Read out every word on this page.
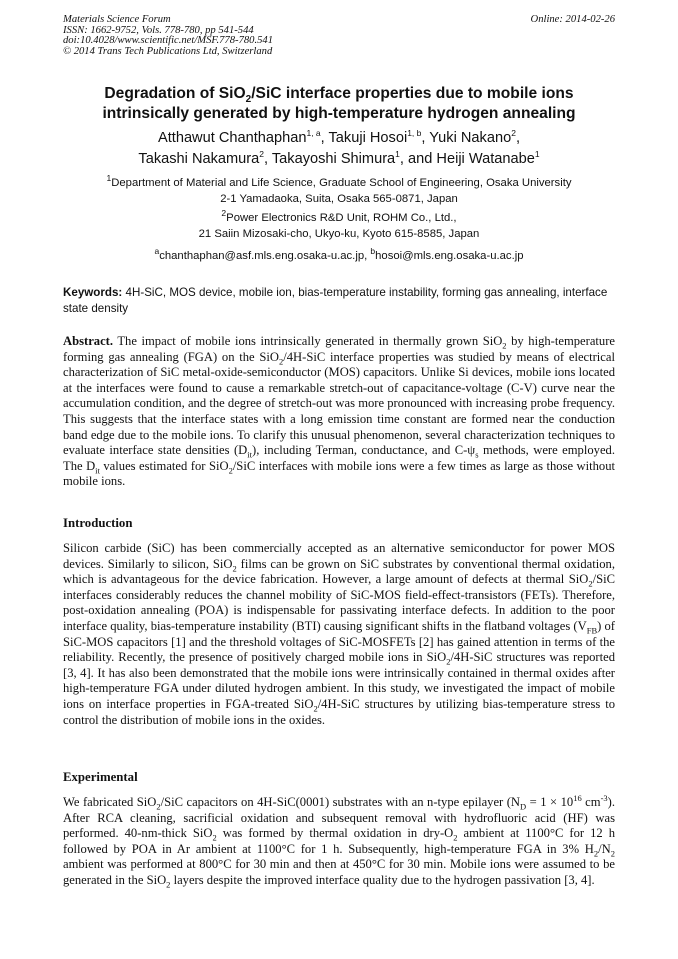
Materials Science Forum
ISSN: 1662-9752, Vols. 778-780, pp 541-544
doi:10.4028/www.scientific.net/MSF.778-780.541
© 2014 Trans Tech Publications Ltd, Switzerland
Online: 2014-02-26
Degradation of SiO$_2$/SiC interface properties due to mobile ions
intrinsically generated by high-temperature hydrogen annealing
Atthawut Chanthaphan$^{1, a}$, Takuji Hosoi$^{1, b}$, Yuki Nakano$^2$,
Takashi Nakamura$^2$, Takayoshi Shimura$^1$, and Heiji Watanabe$^1$
$^1$Department of Material and Life Science, Graduate School of Engineering, Osaka University
2-1 Yamadaoka, Suita, Osaka 565-0871, Japan
$^2$Power Electronics R&D Unit, ROHM Co., Ltd.,
21 Saiin Mizosaki-cho, Ukyo-ku, Kyoto 615-8585, Japan
$^a$chanthaphan@asf.mls.eng.osaka-u.ac.jp, $^b$hosoi@mls.eng.osaka-u.ac.jp
Keywords: 4H-SiC, MOS device, mobile ion, bias-temperature instability, forming gas annealing, interface state density
Abstract. The impact of mobile ions intrinsically generated in thermally grown SiO$_2$ by high-temperature forming gas annealing (FGA) on the SiO$_2$/4H-SiC interface properties was studied by means of electrical characterization of SiC metal-oxide-semiconductor (MOS) capacitors. Unlike Si devices, mobile ions located at the interfaces were found to cause a remarkable stretch-out of capacitance-voltage (C-V) curve near the accumulation condition, and the degree of stretch-out was more pronounced with increasing probe frequency. This suggests that the interface states with a long emission time constant are formed near the conduction band edge due to the mobile ions. To clarify this unusual phenomenon, several characterization techniques to evaluate interface state densities $(D_{it})$, including Terman, conductance, and $C-\psi_s$ methods, were employed. The $D_{it}$ values estimated for SiO$_2$/SiC interfaces with mobile ions were a few times as large as those without mobile ions.
Introduction
Silicon carbide (SiC) has been commercially accepted as an alternative semiconductor for power MOS devices. Similarly to silicon, SiO$_2$ films can be grown on SiC substrates by conventional thermal oxidation, which is advantageous for the device fabrication. However, a large amount of defects at thermal SiO$_2$/SiC interfaces considerably reduces the channel mobility of SiC-MOS field-effect-transistors (FETs). Therefore, post-oxidation annealing (POA) is indispensable for passivating interface defects. In addition to the poor interface quality, bias-temperature instability (BTI) causing significant shifts in the flatband voltages $(V_{FB})$ of SiC-MOS capacitors [1] and the threshold voltages of SiC-MOSFETs [2] has gained attention in terms of the reliability. Recently, the presence of positively charged mobile ions in SiO$_2$/4H-SiC structures was reported [3, 4]. It has also been demonstrated that the mobile ions were intrinsically contained in thermal oxides after high-temperature FGA under diluted hydrogen ambient. In this study, we investigated the impact of mobile ions on interface properties in FGA-treated SiO$_2$/4H-SiC structures by utilizing bias-temperature stress to control the distribution of mobile ions in the oxides.
Experimental
We fabricated SiO$_2$/SiC capacitors on 4H-SiC(0001) substrates with an n-type epilayer ($N_D = 1 \times 10^{16}$ $cm^{-3}$). After RCA cleaning, sacrificial oxidation and subsequent removal with hydrofluoric acid (HF) was performed. 40-nm-thick SiO$_2$ was formed by thermal oxidation in dry-$O_2$ ambient at 1100°C for 12 h followed by POA in Ar ambient at 1100°C for 1 h. Subsequently, high-temperature FGA in 3% $H_2/N_2$ ambient was performed at 800°C for 30 min and then at 450°C for 30 min. Mobile ions were assumed to be generated in the SiO$_2$ layers despite the improved interface quality due to the hydrogen passivation [3, 4].
